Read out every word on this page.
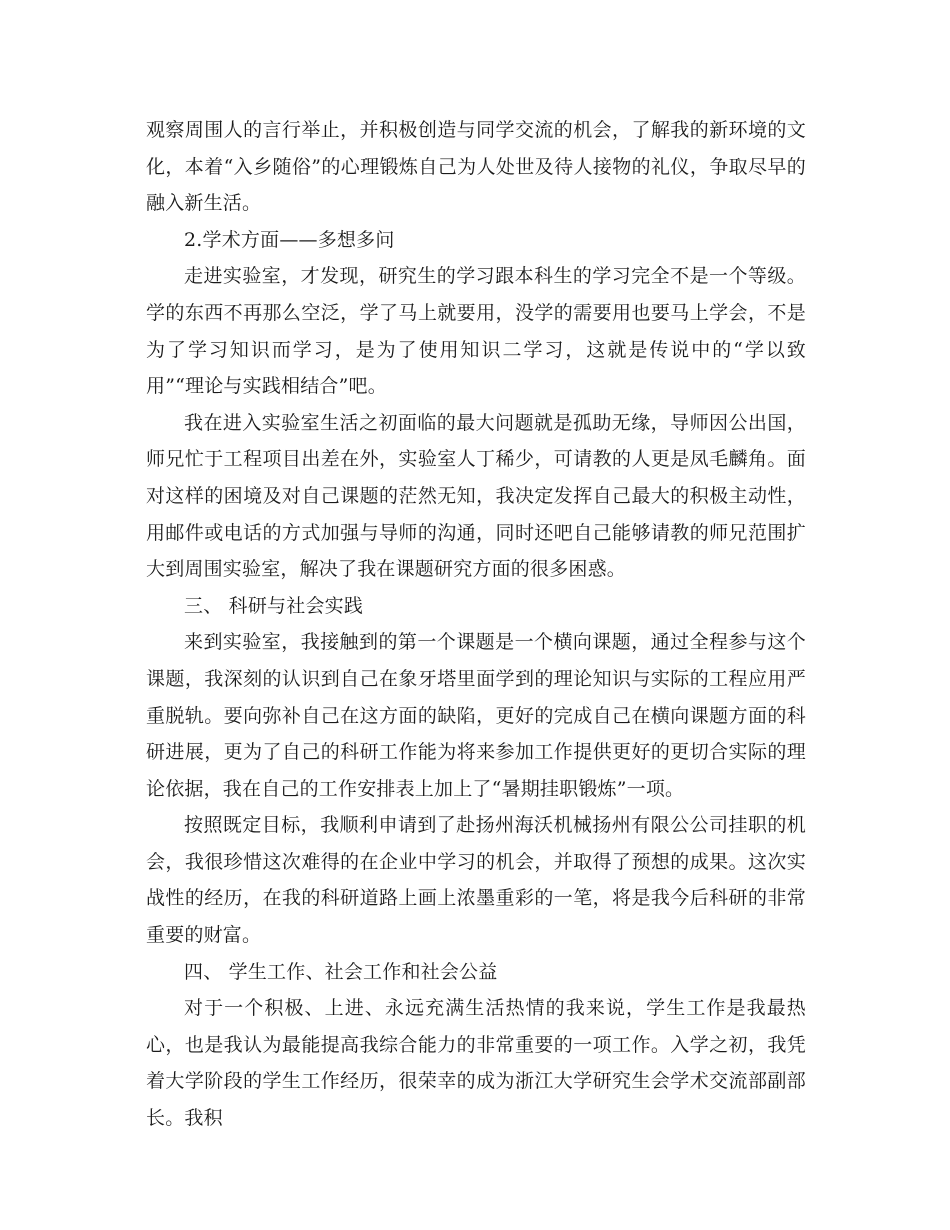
观察周围人的言行举止，并积极创造与同学交流的机会，了解我的新环境的文化，本着“入乡随俗”的心理锻炼自己为人处世及待人接物的礼仪，争取尽早的融入新生活。

2.学术方面——多想多问

走进实验室，才发现，研究生的学习跟本科生的学习完全不是一个等级。学的东西不再那么空泛，学了马上就要用，没学的需要用也要马上学会，不是为了学习知识而学习，是为了使用知识二学习，这就是传说中的“学以致用”“理论与实践相结合”吧。

我在进入实验室生活之初面临的最大问题就是孤助无缘，导师因公出国，师兄忙于工程项目出差在外，实验室人丁稀少，可请教的人更是凤毛麟角。面对这样的困境及对自己课题的茫然无知，我决定发挥自己最大的积极主动性，用邮件或电话的方式加强与导师的沟通，同时还吧自己能够请教的师兄范围扩大到周围实验室，解决了我在课题研究方面的很多困惑。

三、 科研与社会实践

来到实验室，我接触到的第一个课题是一个横向课题，通过全程参与这个课题，我深刻的认识到自己在象牙塔里面学到的理论知识与实际的工程应用严重脱轨。要向弥补自己在这方面的缺陷，更好的完成自己在横向课题方面的科研进展，更为了自己的科研工作能为将来参加工作提供更好的更切合实际的理论依据，我在自己的工作安排表上加上了“暑期挂职锻炼”一项。

按照既定目标，我顺利申请到了赴扬州海沃机械扬州有限公公司挂职的机会，我很珍惜这次难得的在企业中学习的机会，并取得了预想的成果。这次实战性的经历，在我的科研道路上画上浓墨重彩的一笔，将是我今后科研的非常重要的财富。

四、 学生工作、社会工作和社会公益

对于一个积极、上进、永远充满生活热情的我来说，学生工作是我最热心，也是我认为最能提高我综合能力的非常重要的一项工作。入学之初，我凭着大学阶段的学生工作经历，很荣幸的成为浙江大学研究生会学术交流部副部长。我积
